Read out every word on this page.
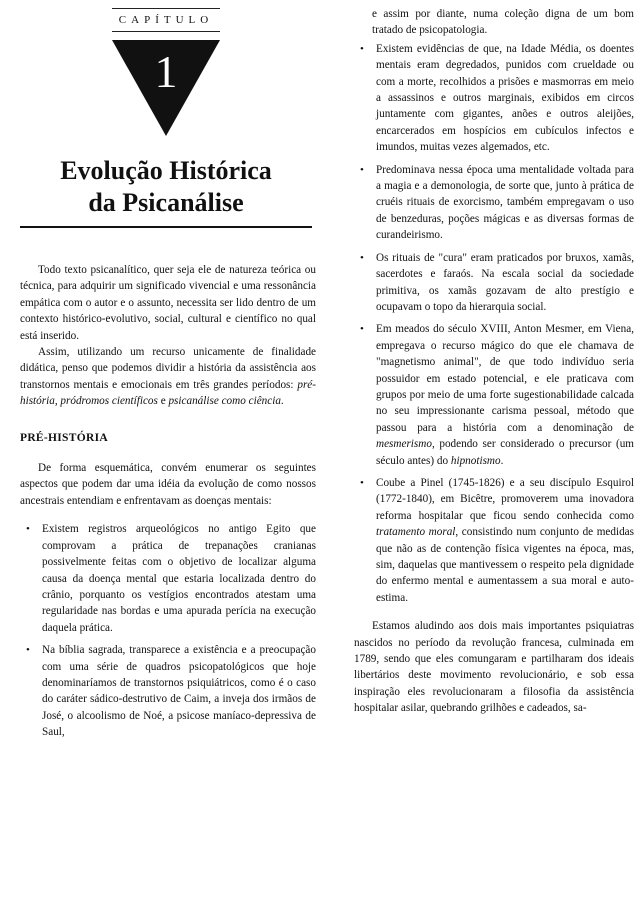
CAPÍTULO
1
Evolução Histórica
da Psicanálise

Todo texto psicanalítico, quer seja ele de natureza teórica ou técnica, para adquirir um significado vivencial e uma ressonância empática com o autor e o assunto, necessita ser lido dentro de um contexto histórico-evolutivo, social, cultural e científico no qual está inserido.

Assim, utilizando um recurso unicamente de finalidade didática, penso que podemos dividir a história da assistência aos transtornos mentais e emocionais em três grandes períodos: pré-história, pródromos científicos e psicanálise como ciência.

PRÉ-HISTÓRIA

De forma esquemática, convém enumerar os seguintes aspectos que podem dar uma idéia da evolução de como nossos ancestrais entendiam e enfrentavam as doenças mentais:

• Existem registros arqueológicos no antigo Egito que comprovam a prática de trepanações cranianas possivelmente feitas com o objetivo de localizar alguma causa da doença mental que estaria localizada dentro do crânio, porquanto os vestígios encontrados atestam uma regularidade nas bordas e uma apurada perícia na execução daquela prática.
• Na bíblia sagrada, transparece a existência e a preocupação com uma série de quadros psicopatológicos que hoje denominaríamos de transtornos psiquiátricos, como é o caso do caráter sádico-destrutivo de Caim, a inveja dos irmãos de José, o alcoolismo de Noé, a psicose maníaco-depressiva de Saul,
e assim por diante, numa coleção digna de um bom tratado de psicopatologia.
• Existem evidências de que, na Idade Média, os doentes mentais eram degredados, punidos com crueldade ou com a morte, recolhidos a prisões e masmorras em meio a assassinos e outros marginais, exibidos em circos juntamente com gigantes, anões e outros aleijões, encarcerados em hospícios em cubículos infectos e imundos, muitas vezes algemados, etc.
• Predominava nessa época uma mentalidade voltada para a magia e a demonologia, de sorte que, junto à prática de cruéis rituais de exorcismo, também empregavam o uso de benzeduras, poções mágicas e as diversas formas de curandeirismo.
• Os rituais de "cura" eram praticados por bruxos, xamãs, sacerdotes e faraós. Na escala social da sociedade primitiva, os xamãs gozavam de alto prestígio e ocupavam o topo da hierarquia social.
• Em meados do século XVIII, Anton Mesmer, em Viena, empregava o recurso mágico do que ele chamava de "magnetismo animal", de que todo indivíduo seria possuidor em estado potencial, e ele praticava com grupos por meio de uma forte sugestionabilidade calcada no seu impressionante carisma pessoal, método que passou para a história com a denominação de mesmerismo, podendo ser considerado o precursor (um século antes) do hipnotismo.
• Coube a Pinel (1745-1826) e a seu discípulo Esquirol (1772-1840), em Bicêtre, promoverem uma inovadora reforma hospitalar que ficou sendo conhecida como tratamento moral, consistindo num conjunto de medidas que não as de contenção física vigentes na época, mas, sim, daquelas que mantivessem o respeito pela dignidade do enfermo mental e aumentassem a sua moral e auto-estima.

Estamos aludindo aos dois mais importantes psiquiatras nascidos no período da revolução francesa, culminada em 1789, sendo que eles comungaram e partilharam dos ideais libertários deste movimento revolucionário, e sob essa inspiração eles revolucionaram a filosofia da assistência hospitalar asilar, quebrando grilhões e cadeados, sa-
